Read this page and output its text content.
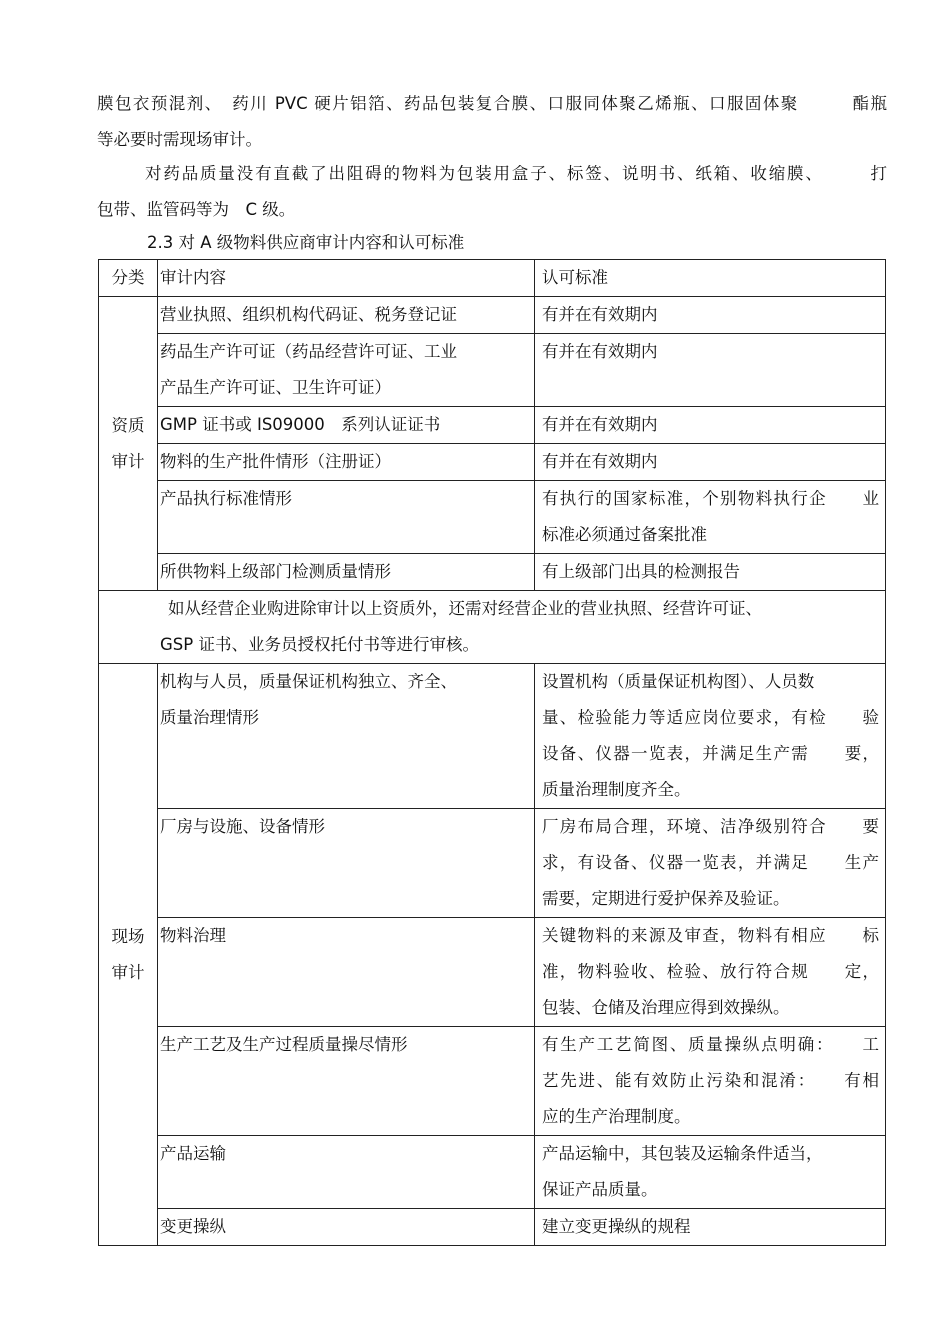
膜包衣预混剂、　药川 PVC 硬片铝箔、药品包装复合膜、口服同体聚乙烯瓶、口服固体聚　　　酯瓶
等必要时需现场审计。
对药品质量没有直截了出阻碍的物料为包装用盒子、标签、说明书、纸箱、收缩膜、　　　打
包带、监管码等为　C 级。
2.3 对 A 级物料供应商审计内容和认可标准
分类	审计内容	认可标准

资质
审计	营业执照、组织机构代码证、税务登记证	有并在有效期内

	药品生产许可证（药品经营许可证、工业
产品生产许可证、卫生许可证）	有并在有效期内

	GMP 证书或 IS09000　系列认证证书	有并在有效期内

	物料的生产批件情形（注册证）	有并在有效期内

	产品执行标准情形	有执行的国家标准，个别物料执行企　　业
标准必须通过备案批准

	所供物料上级部门检测质量情形	有上级部门出具的检测报告

如从经营企业购进除审计以上资质外，还需对经营企业的营业执照、经营许可证、
GSP 证书、业务员授权托付书等进行审核。		

现场
审计	机构与人员，质量保证机构独立、齐全、
质量治理情形	设置机构（质量保证机构图）、人员数
量、检验能力等适应岗位要求，有检　　验
设备、仪器一览表，并满足生产需　　要，
质量治理制度齐全。

	厂房与设施、设备情形	厂房布局合理，环境、洁净级别符合　　要
求，有设备、仪器一览表，并满足　　生产
需要，定期进行爱护保养及验证。

	物料治理	关键物料的来源及审查，物料有相应　　标
准，物料验收、检验、放行符合规　　定，
包装、仓储及治理应得到效操纵。

	生产工艺及生产过程质量操尽情形	有生产工艺简图、质量操纵点明确：　　工
艺先进、能有效防止污染和混淆：　　有相
应的生产治理制度。

	产品运输	产品运输中，其包装及运输条件适当，
保证产品质量。

	变更操纵	建立变更操纵的规程
